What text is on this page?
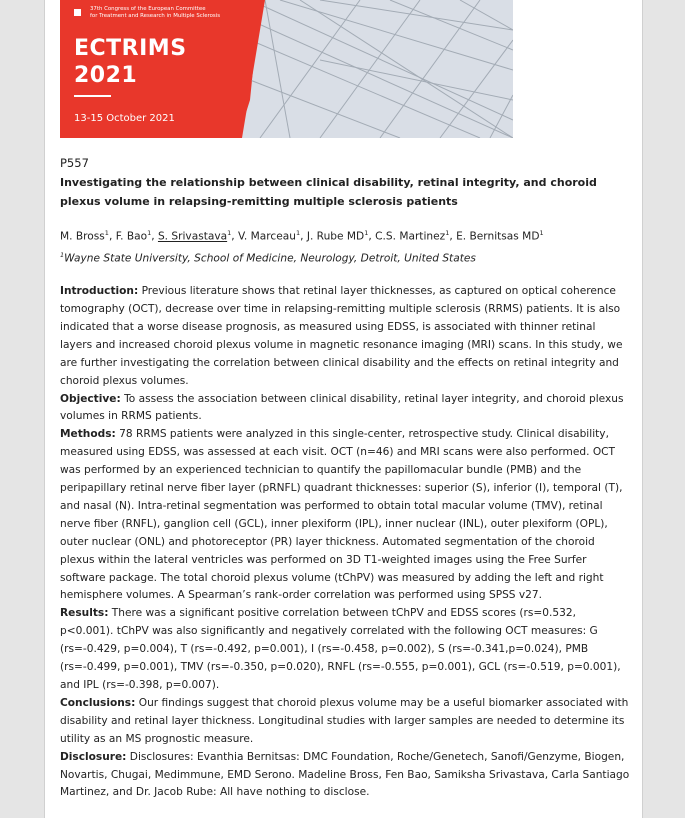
37th Congress of the European Committee
for Treatment and Research in Multiple Sclerosis
ECTRIMS
2021
13-15 October 2021

P557

Investigating the relationship between clinical disability, retinal integrity, and choroid plexus volume in relapsing-remitting multiple sclerosis patients

M. Bross$^1$, F. Bao$^1$, S. Srivastava$^1$, V. Marceau$^1$, J. Rube $MD^1$, C.S. Martinez$^1$, E. Bernitsas $MD^1$
$^1$Wayne State University, School of Medicine, Neurology, Detroit, United States

Introduction: Previous literature shows that retinal layer thicknesses, as captured on optical coherence tomography (OCT), decrease over time in relapsing-remitting multiple sclerosis (RRMS) patients. It is also indicated that a worse disease prognosis, as measured using EDSS, is associated with thinner retinal layers and increased choroid plexus volume in magnetic resonance imaging (MRI) scans. In this study, we are further investigating the correlation between clinical disability and the effects on retinal integrity and choroid plexus volumes.

Objective: To assess the association between clinical disability, retinal layer integrity, and choroid plexus volumes in RRMS patients.

Methods: 78 RRMS patients were analyzed in this single-center, retrospective study. Clinical disability, measured using EDSS, was assessed at each visit. OCT (n=46) and MRI scans were also performed. OCT was performed by an experienced technician to quantify the papillomacular bundle (PMB) and the peripapillary retinal nerve fiber layer (pRNFL) quadrant thicknesses: superior (S), inferior (I), temporal (T), and nasal (N). Intra-retinal segmentation was performed to obtain total macular volume (TMV), retinal nerve fiber (RNFL), ganglion cell (GCL), inner plexiform (IPL), inner nuclear (INL), outer plexiform (OPL), outer nuclear (ONL) and photoreceptor (PR) layer thickness. Automated segmentation of the choroid plexus within the lateral ventricles was performed on 3D T1-weighted images using the Free Surfer software package. The total choroid plexus volume (tChPV) was measured by adding the left and right hemisphere volumes. A Spearman’s rank-order correlation was performed using SPSS v27.

Results: There was a significant positive correlation between tChPV and EDSS scores (rs=0.532, p<0.001). tChPV was also significantly and negatively correlated with the following OCT measures: G (rs=-0.429, p=0.004), T (rs=-0.492, p=0.001), I (rs=-0.458, p=0.002), S (rs=-0.341,p=0.024), PMB (rs=-0.499, p=0.001), TMV (rs=-0.350, p=0.020), RNFL (rs=-0.555, p=0.001), GCL (rs=-0.519, p=0.001), and IPL (rs=-0.398, p=0.007).

Conclusions: Our findings suggest that choroid plexus volume may be a useful biomarker associated with disability and retinal layer thickness. Longitudinal studies with larger samples are needed to determine its utility as an MS prognostic measure.

Disclosure: Disclosures: Evanthia Bernitsas: DMC Foundation, Roche/Genetech, Sanofi/Genzyme, Biogen, Novartis, Chugai, Medimmune, EMD Serono. Madeline Bross, Fen Bao, Samiksha Srivastava, Carla Santiago Martinez, and Dr. Jacob Rube: All have nothing to disclose.
